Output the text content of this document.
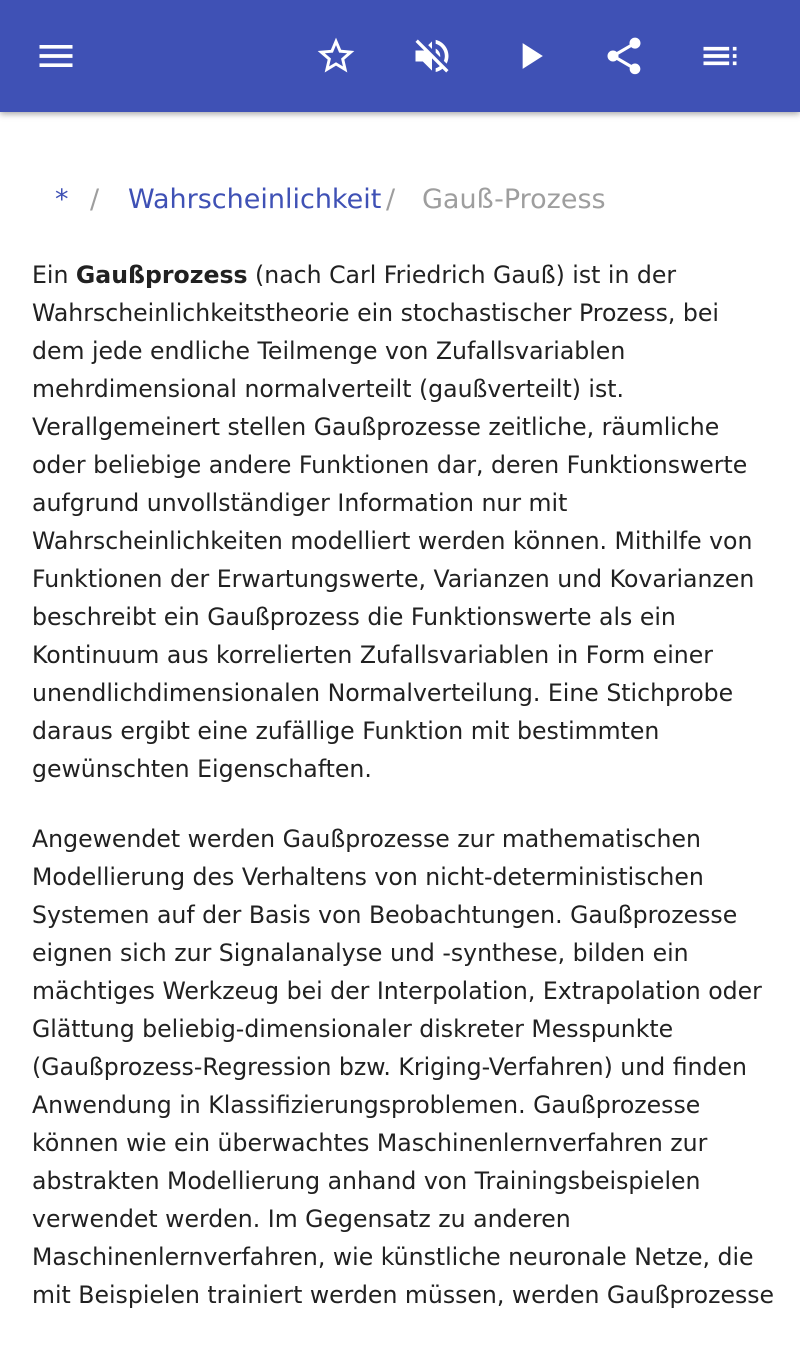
* / Wahrscheinlichkeit / Gauß-Prozess

Ein Gaußprozess (nach Carl Friedrich Gauß) ist in der Wahrscheinlichkeitstheorie ein stochastischer Prozess, bei dem jede endliche Teilmenge von Zufallsvariablen mehrdimensional normalverteilt (gaußverteilt) ist. Verallgemeinert stellen Gaußprozesse zeitliche, räumliche oder beliebige andere Funktionen dar, deren Funktionswerte aufgrund unvollständiger Information nur mit Wahrscheinlichkeiten modelliert werden können. Mithilfe von Funktionen der Erwartungswerte, Varianzen und Kovarianzen beschreibt ein Gaußprozess die Funktionswerte als ein Kontinuum aus korrelierten Zufallsvariablen in Form einer unendlichdimensionalen Normalverteilung. Eine Stichprobe daraus ergibt eine zufällige Funktion mit bestimmten gewünschten Eigenschaften.

Angewendet werden Gaußprozesse zur mathematischen Modellierung des Verhaltens von nicht-deterministischen Systemen auf der Basis von Beobachtungen. Gaußprozesse eignen sich zur Signalanalyse und -synthese, bilden ein mächtiges Werkzeug bei der Interpolation, Extrapolation oder Glättung beliebig-dimensionaler diskreter Messpunkte (Gaußprozess-Regression bzw. Kriging-Verfahren) und finden Anwendung in Klassifizierungsproblemen. Gaußprozesse können wie ein überwachtes Maschinenlernverfahren zur abstrakten Modellierung anhand von Trainingsbeispielen verwendet werden. Im Gegensatz zu anderen Maschinenlernverfahren, wie künstliche neuronale Netze, die mit Beispielen trainiert werden müssen, werden Gaußprozesse
